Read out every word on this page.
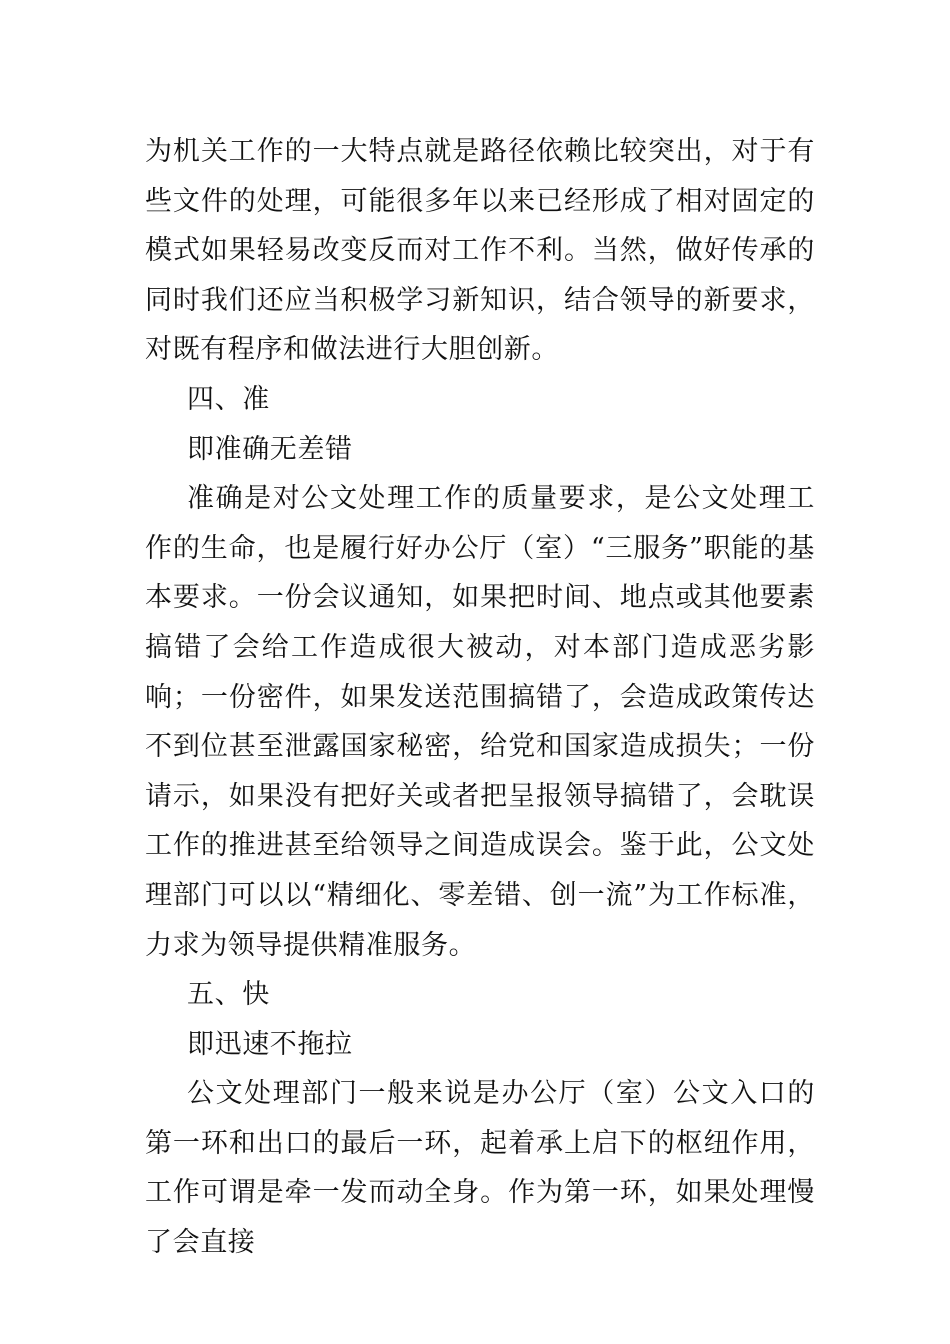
为机关工作的一大特点就是路径依赖比较突出，对于有些文件的处理，可能很多年以来已经形成了相对固定的模式如果轻易改变反而对工作不利。当然，做好传承的同时我们还应当积极学习新知识，结合领导的新要求，对既有程序和做法进行大胆创新。

四、准

即准确无差错

准确是对公文处理工作的质量要求，是公文处理工作的生命，也是履行好办公厅（室）“三服务”职能的基本要求。一份会议通知，如果把时间、地点或其他要素搞错了会给工作造成很大被动，对本部门造成恶劣影响；一份密件，如果发送范围搞错了，会造成政策传达不到位甚至泄露国家秘密，给党和国家造成损失；一份请示，如果没有把好关或者把呈报领导搞错了，会耽误工作的推进甚至给领导之间造成误会。鉴于此，公文处理部门可以以“精细化、零差错、创一流”为工作标准，力求为领导提供精准服务。

五、快

即迅速不拖拉

公文处理部门一般来说是办公厅（室）公文入口的第一环和出口的最后一环，起着承上启下的枢纽作用，工作可谓是牵一发而动全身。作为第一环，如果处理慢了会直接
